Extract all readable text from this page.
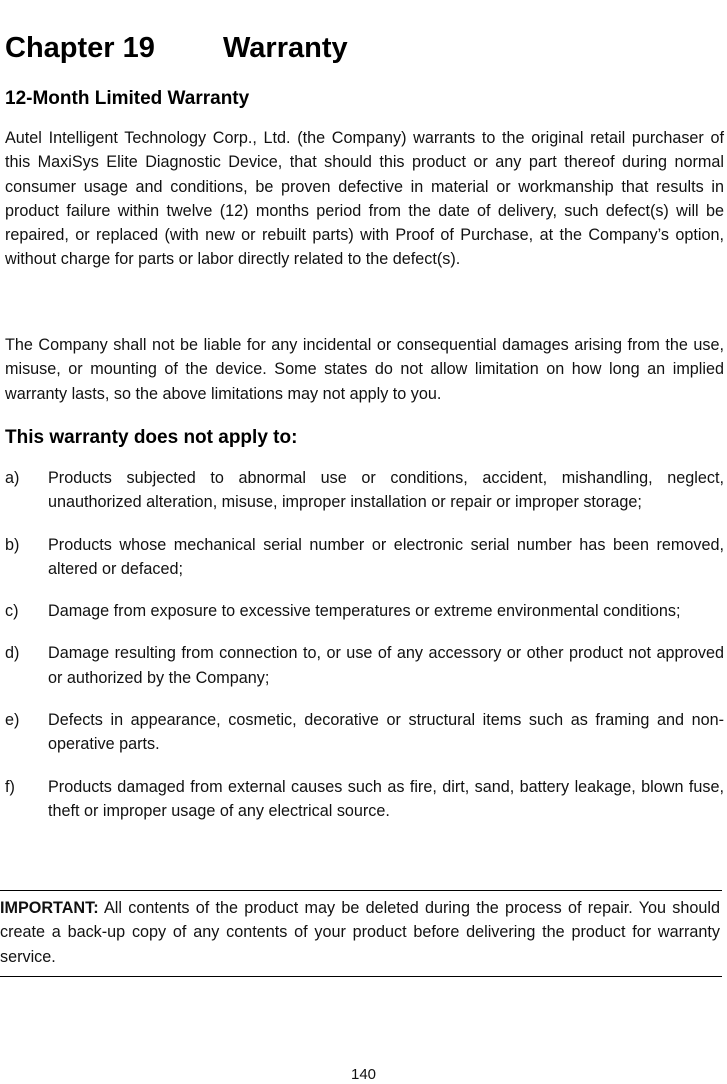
Chapter 19 Warranty
12-Month Limited Warranty

Autel Intelligent Technology Corp., Ltd. (the Company) warrants to the original retail purchaser of this MaxiSys Elite Diagnostic Device, that should this product or any part thereof during normal consumer usage and conditions, be proven defective in material or workmanship that results in product failure within twelve (12) months period from the date of delivery, such defect(s) will be repaired, or replaced (with new or rebuilt parts) with Proof of Purchase, at the Company’s option, without charge for parts or labor directly related to the defect(s).

The Company shall not be liable for any incidental or consequential damages arising from the use, misuse, or mounting of the device. Some states do not allow limitation on how long an implied warranty lasts, so the above limitations may not apply to you.

This warranty does not apply to:
a) Products subjected to abnormal use or conditions, accident, mishandling, neglect, unauthorized alteration, misuse, improper installation or repair or improper storage;
b) Products whose mechanical serial number or electronic serial number has been removed, altered or defaced;
c) Damage from exposure to excessive temperatures or extreme environmental conditions;
d) Damage resulting from connection to, or use of any accessory or other product not approved or authorized by the Company;
e) Defects in appearance, cosmetic, decorative or structural items such as framing and non-operative parts.
f) Products damaged from external causes such as fire, dirt, sand, battery leakage, blown fuse, theft or improper usage of any electrical source.
IMPORTANT: All contents of the product may be deleted during the process of repair. You should create a back-up copy of any contents of your product before delivering the product for warranty service.
140
